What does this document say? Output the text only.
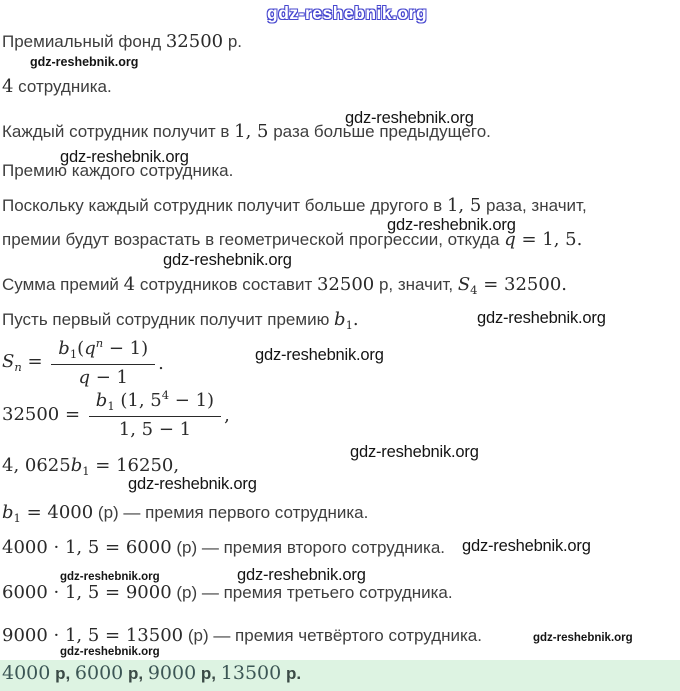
gdz-reshebnik.org
Премиальный фонд 32500 р.
gdz-reshebnik.org
4 сотрудника.
gdz-reshebnik.org
Каждый сотрудник получит в 1, 5 раза больше предыдущего.
gdz-reshebnik.org
Премию каждого сотрудника.
Поскольку каждый сотрудник получит больше другого в 1, 5 раза, значит,
gdz-reshebnik.org
премии будут возрастать в геометрической прогрессии, откуда q = 1, 5.
gdz-reshebnik.org
Сумма премий 4 сотрудников составит 32500 р, значит, $S_4 = 32500$.
Пусть первый сотрудник получит премию $b_1$.	gdz-reshebnik.org
$S_n = \frac{b_1(q^n - 1)}{q - 1}$ .	gdz-reshebnik.org
$32500 = \frac{b_1 (1, 5^4 - 1)}{1, 5 - 1}$ ,
gdz-reshebnik.org
4, $0625b_1 = 16250$,
gdz-reshebnik.org
$b_1 = 4000$ (р) — премия первого сотрудника.
4000 · 1, 5 = 6000 (р) — премия второго сотрудника. gdz-reshebnik.org
gdz-reshebnik.org	gdz-reshebnik.org
6000 · 1, 5 = 9000 (р) — премия третьего сотрудника.
9000 · 1, 5 = 13500 (р) — премия четвёртого сотрудника.	gdz-reshebnik.org
gdz-reshebnik.org
4000 р, 6000 р, 9000 р, 13500 р.
